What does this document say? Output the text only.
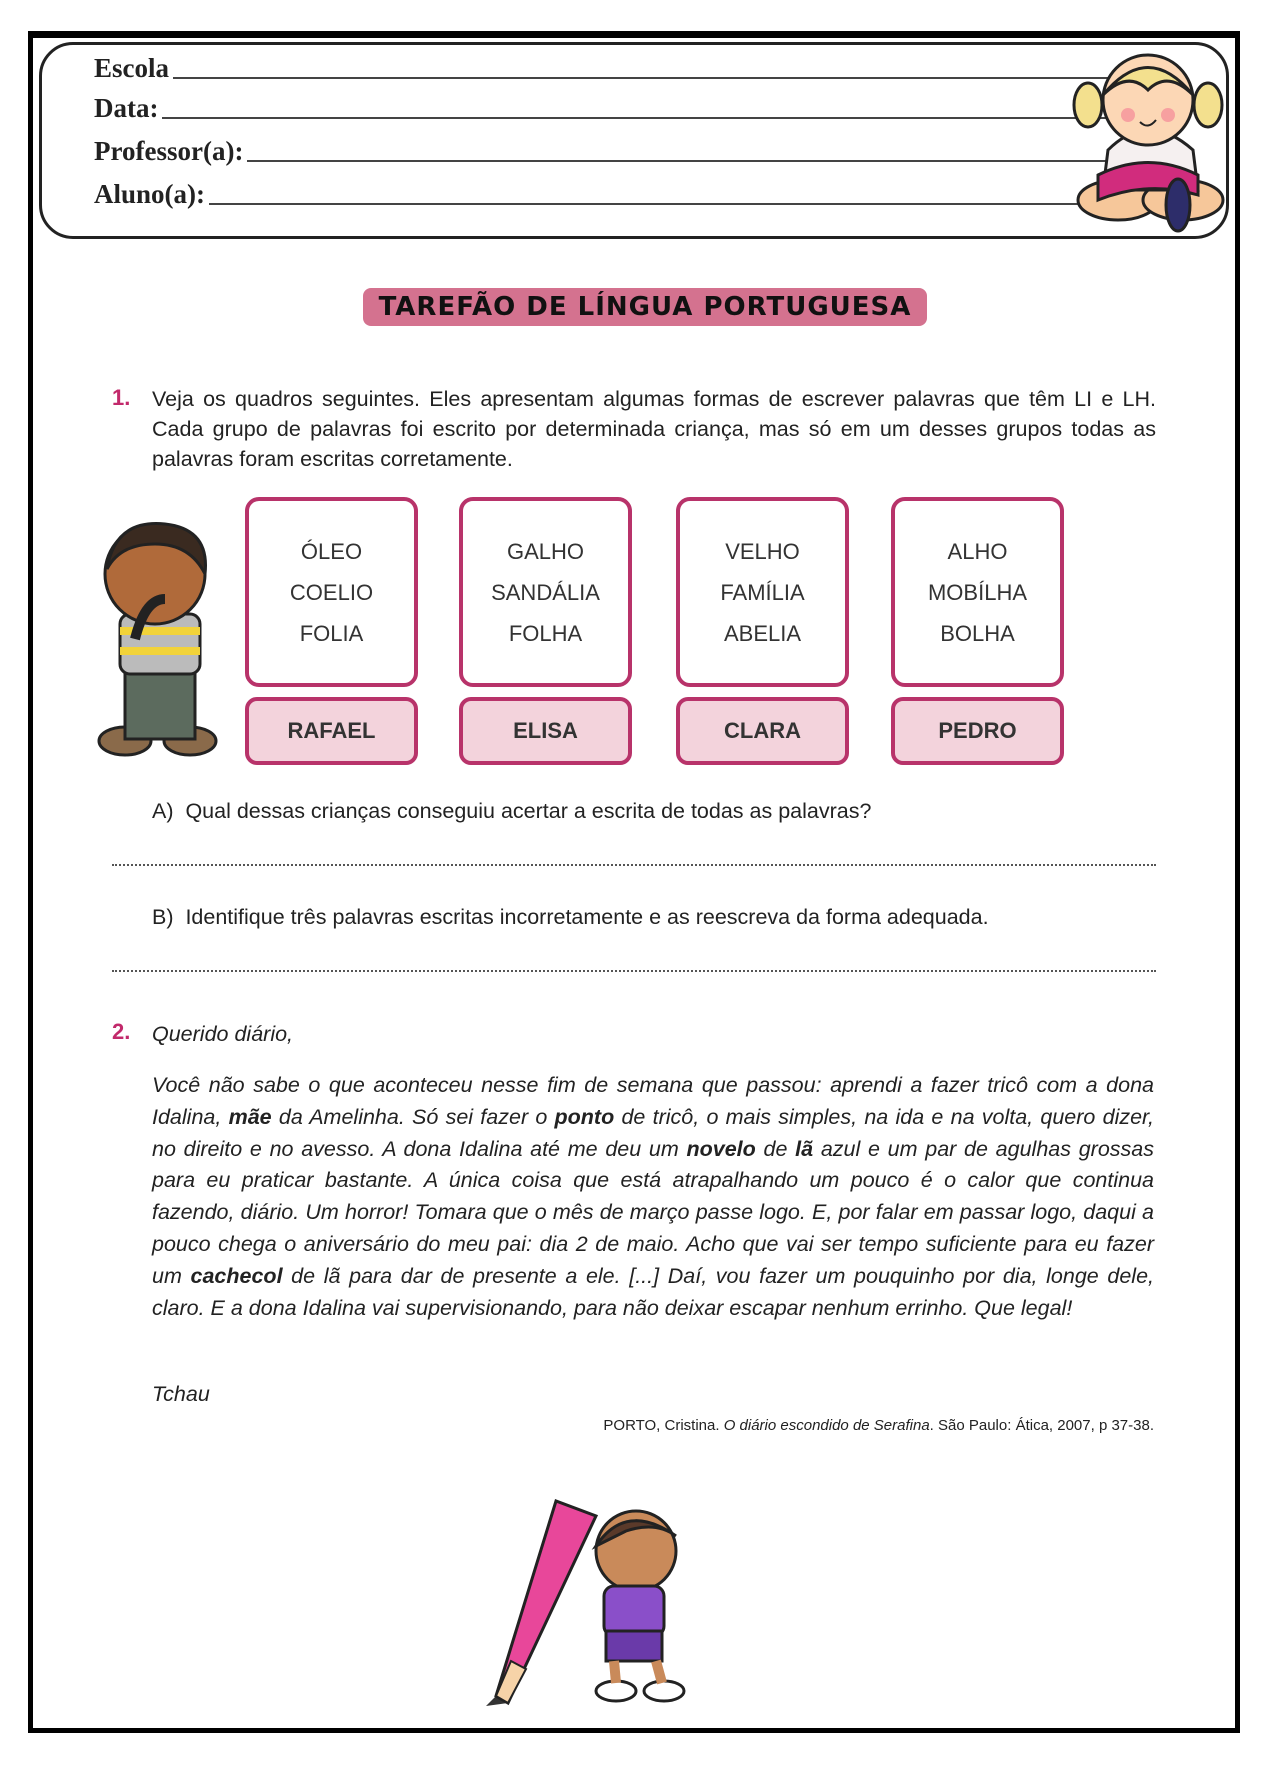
Escola
Data:
Professor(a):
Aluno(a):
TAREFÃO DE LÍNGUA PORTUGUESA
1. Veja os quadros seguintes. Eles apresentam algumas formas de escrever palavras que têm LI e LH. Cada grupo de palavras foi escrito por determinada criança, mas só em um desses grupos todas as palavras foram escritas corretamente.
ÓLEO
COELIO
FOLIA
RAFAEL
GALHO
SANDÁLIA
FOLHA
ELISA
VELHO
FAMÍLIA
ABELIA
CLARA
ALHO
MOBÍLHA
BOLHA
PEDRO
A)  Qual dessas crianças conseguiu acertar a escrita de todas as palavras?
B)  Identifique três palavras escritas incorretamente e as reescreva da forma adequada.
2. Querido diário,
Você não sabe o que aconteceu nesse fim de semana que passou: aprendi a fazer tricô com a dona Idalina, mãe da Amelinha. Só sei fazer o ponto de tricô, o mais simples, na ida e na volta, quero dizer, no direito e no avesso. A dona Idalina até me deu um novelo de lã azul e um par de agulhas grossas para eu praticar bastante. A única coisa que está atrapalhando um pouco é o calor que continua fazendo, diário. Um horror! Tomara que o mês de março passe logo. E, por falar em passar logo, daqui a pouco chega o aniversário do meu pai: dia 2 de maio. Acho que vai ser tempo suficiente para eu fazer um cachecol de lã para dar de presente a ele. [...] Daí, vou fazer um pouquinho por dia, longe dele, claro. E a dona Idalina vai supervisionando, para não deixar escapar nenhum errinho. Que legal!
Tchau
PORTO, Cristina. O diário escondido de Serafina. São Paulo: Ática, 2007, p 37-38.
